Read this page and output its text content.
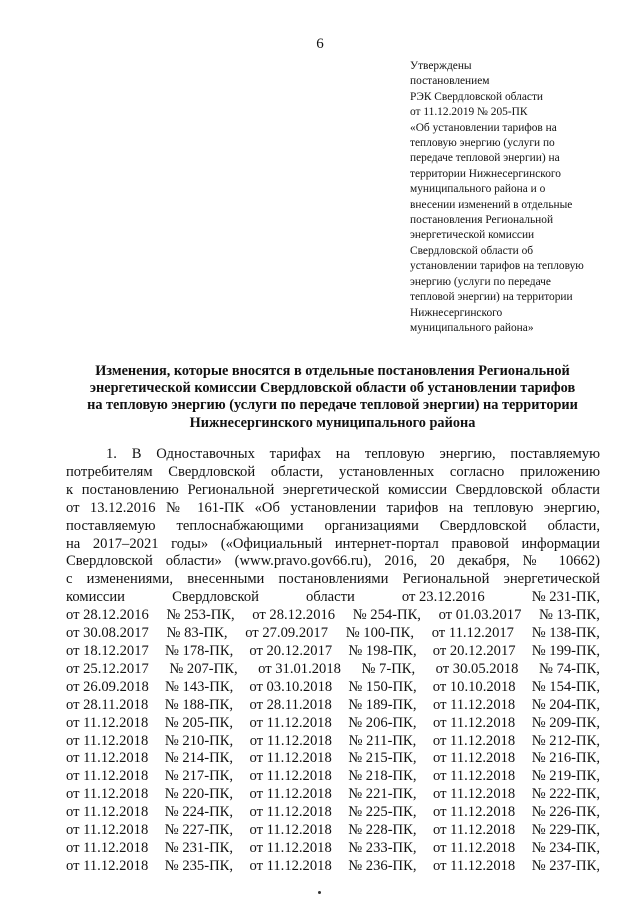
6
Утверждены
постановлением
РЭК Свердловской области
от 11.12.2019 № 205-ПК
«Об установлении тарифов на
тепловую энергию (услуги по
передаче тепловой энергии) на
территории Нижнесергинского
муниципального района и о
внесении изменений в отдельные
постановления Региональной
энергетической комиссии
Свердловской области об
установлении тарифов на тепловую
энергию (услуги по передаче
тепловой энергии) на территории
Нижнесергинского
муниципального района»
Изменения, которые вносятся в отдельные постановления Региональной
энергетической комиссии Свердловской области об установлении тарифов
на тепловую энергию (услуги по передаче тепловой энергии) на территории
Нижнесергинского муниципального района
1. В Одноставочных тарифах на тепловую энергию, поставляемую
потребителям Свердловской области, установленных согласно приложению
к постановлению Региональной энергетической комиссии Свердловской области
от 13.12.2016 № 161-ПК «Об установлении тарифов на тепловую энергию,
поставляемую теплоснабжающими организациями Свердловской области,
на 2017–2021 годы» («Официальный интернет-портал правовой информации
Свердловской области» (www.pravo.gov66.ru), 2016, 20 декабря, № 10662)
с изменениями, внесенными постановлениями Региональной энергетической
комиссии	Свердловской	области	от 23.12.2016	№ 231-ПК,
от 28.12.2016 № 253-ПК, от 28.12.2016 № 254-ПК, от 01.03.2017 № 13-ПК,
от 30.08.2017 № 83-ПК, от 27.09.2017 № 100-ПК, от 11.12.2017 № 138-ПК,
от 18.12.2017 № 178-ПК, от 20.12.2017 № 198-ПК, от 20.12.2017 № 199-ПК,
от 25.12.2017 № 207-ПК, от 31.01.2018 № 7-ПК, от 30.05.2018 № 74-ПК,
от 26.09.2018 № 143-ПК, от 03.10.2018 № 150-ПК, от 10.10.2018 № 154-ПК,
от 28.11.2018 № 188-ПК, от 28.11.2018 № 189-ПК, от 11.12.2018 № 204-ПК,
от 11.12.2018 № 205-ПК, от 11.12.2018 № 206-ПК, от 11.12.2018 № 209-ПК,
от 11.12.2018 № 210-ПК, от 11.12.2018 № 211-ПК, от 11.12.2018 № 212-ПК,
от 11.12.2018 № 214-ПК, от 11.12.2018 № 215-ПК, от 11.12.2018 № 216-ПК,
от 11.12.2018 № 217-ПК, от 11.12.2018 № 218-ПК, от 11.12.2018 № 219-ПК,
от 11.12.2018 № 220-ПК, от 11.12.2018 № 221-ПК, от 11.12.2018 № 222-ПК,
от 11.12.2018 № 224-ПК, от 11.12.2018 № 225-ПК, от 11.12.2018 № 226-ПК,
от 11.12.2018 № 227-ПК, от 11.12.2018 № 228-ПК, от 11.12.2018 № 229-ПК,
от 11.12.2018 № 231-ПК, от 11.12.2018 № 233-ПК, от 11.12.2018 № 234-ПК,
от 11.12.2018 № 235-ПК, от 11.12.2018 № 236-ПК, от 11.12.2018 № 237-ПК,
